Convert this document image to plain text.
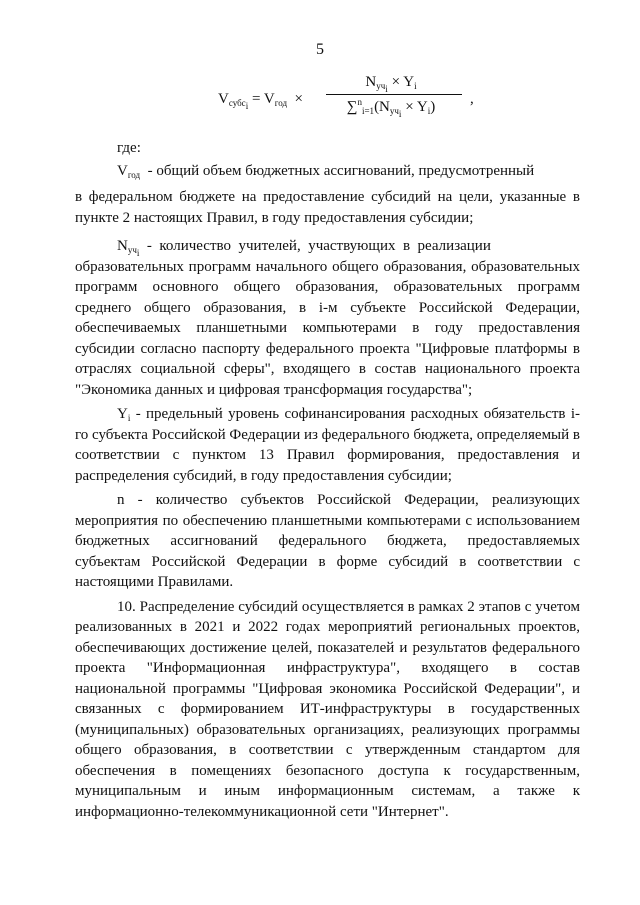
5
$V_{субсi} = V_{год}$  ×
$N_{учi} \times Y_i$
$\sum^n_{i=1}(N_{учi} \times Y_i)$	,

где:

$V_{год}$  - общий объем бюджетных ассигнований, предусмотренный

в федеральном бюджете на предоставление субсидий на цели, указанные в пункте 2 настоящих Правил, в году предоставления субсидии;

$N_{учi}$  -  количество  учителей,  участвующих  в  реализации

образовательных программ начального общего образования, образовательных программ основного общего образования, образовательных программ среднего общего образования, в i-м субъекте Российской Федерации, обеспечиваемых планшетными компьютерами в году предоставления субсидии согласно паспорту федерального проекта "Цифровые платформы в отраслях социальной сферы", входящего в состав национального проекта "Экономика данных и цифровая трансформация государства";

$Y_i$ - предельный уровень софинансирования расходных обязательств i-го субъекта Российской Федерации из федерального бюджета, определяемый в соответствии с пунктом 13 Правил формирования, предоставления и распределения субсидий, в году предоставления субсидии;

n - количество субъектов Российской Федерации, реализующих мероприятия по обеспечению планшетными компьютерами с использованием бюджетных ассигнований федерального бюджета, предоставляемых субъектам Российской Федерации в форме субсидий в соответствии с настоящими Правилами.

10. Распределение субсидий осуществляется в рамках 2 этапов с учетом реализованных в 2021 и 2022 годах мероприятий региональных проектов, обеспечивающих достижение целей, показателей и результатов федерального проекта "Информационная инфраструктура", входящего в состав национальной программы "Цифровая экономика Российской Федерации", и связанных с формированием ИТ-инфраструктуры в государственных (муниципальных) образовательных организациях, реализующих программы общего образования, в соответствии с утвержденным стандартом для обеспечения в помещениях безопасного доступа к государственным, муниципальным и иным информационным системам, а также к информационно-телекоммуникационной сети "Интернет".
